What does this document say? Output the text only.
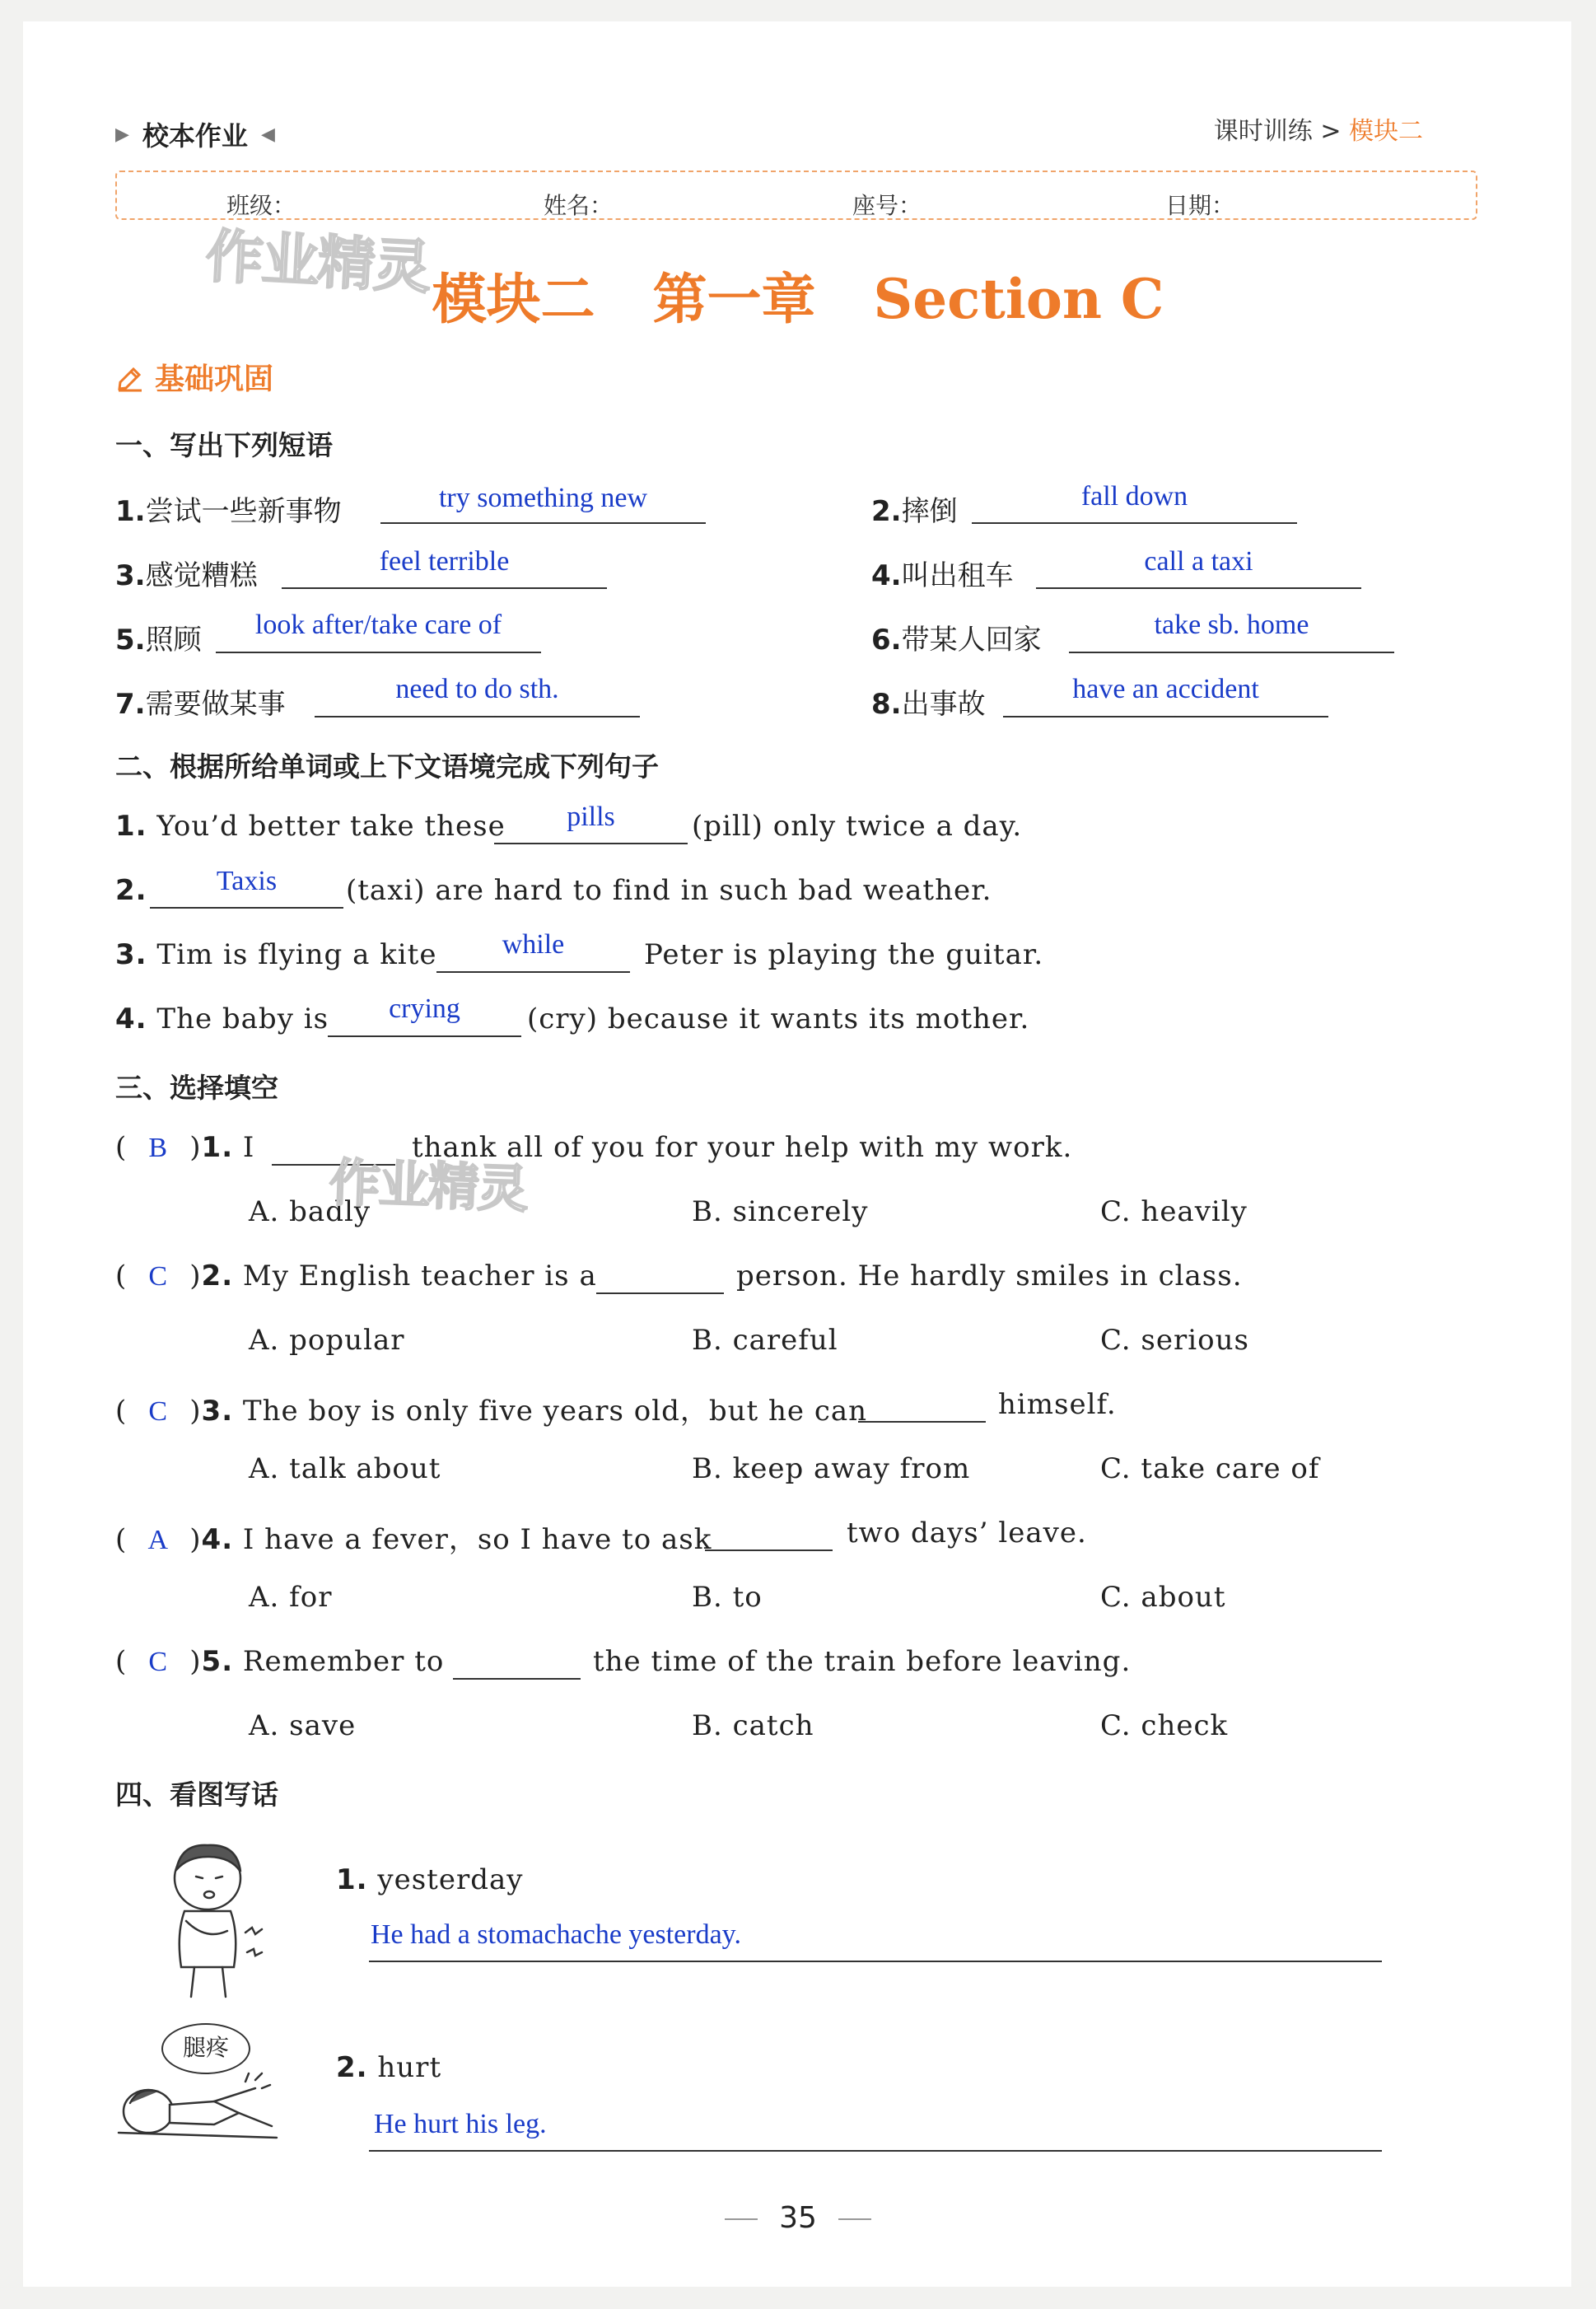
▶ 校本作业 ◀	课时训练 > 模块二
班级：	姓名：	座号：	日期：
作业精灵 模块二 第一章 Section C
基础巩固
一、写出下列短语
1.尝试一些新事物	try something new	2.摔倒	fall down
3.感觉糟糕	feel terrible	4.叫出租车	call a taxi
5.照顾	look after/take care of	6.带某人回家	take sb. home
7.需要做某事	need to do sth.	8.出事故	have an accident
二、根据所给单词或上下文语境完成下列句子
1. You’d better take these	pills	(pill) only twice a day.
2.	Taxis	(taxi) are hard to find in such bad weather.
3. Tim is flying a kite	while	Peter is playing the guitar.
4. The baby is	crying	(cry) because it wants its mother.
三、选择填空
( B )1. I	thank all of you for your help with my work.
A. badly	B. sincerely	C. heavily
作业精灵
( C )2. My English teacher is a	person. He hardly smiles in class.
A. popular	B. careful	C. serious
( C )3. The boy is only five years old，but he can	himself.
A. talk about	B. keep away from	C. take care of
( A )4. I have a fever，so I have to ask	two days’ leave.
A. for	B. to	C. about
( C )5. Remember to	the time of the train before leaving.
A. save	B. catch	C. check
四、看图写话
1. yesterday
He had a stomachache yesterday.
腿疼
2. hurt
He hurt his leg.
35
